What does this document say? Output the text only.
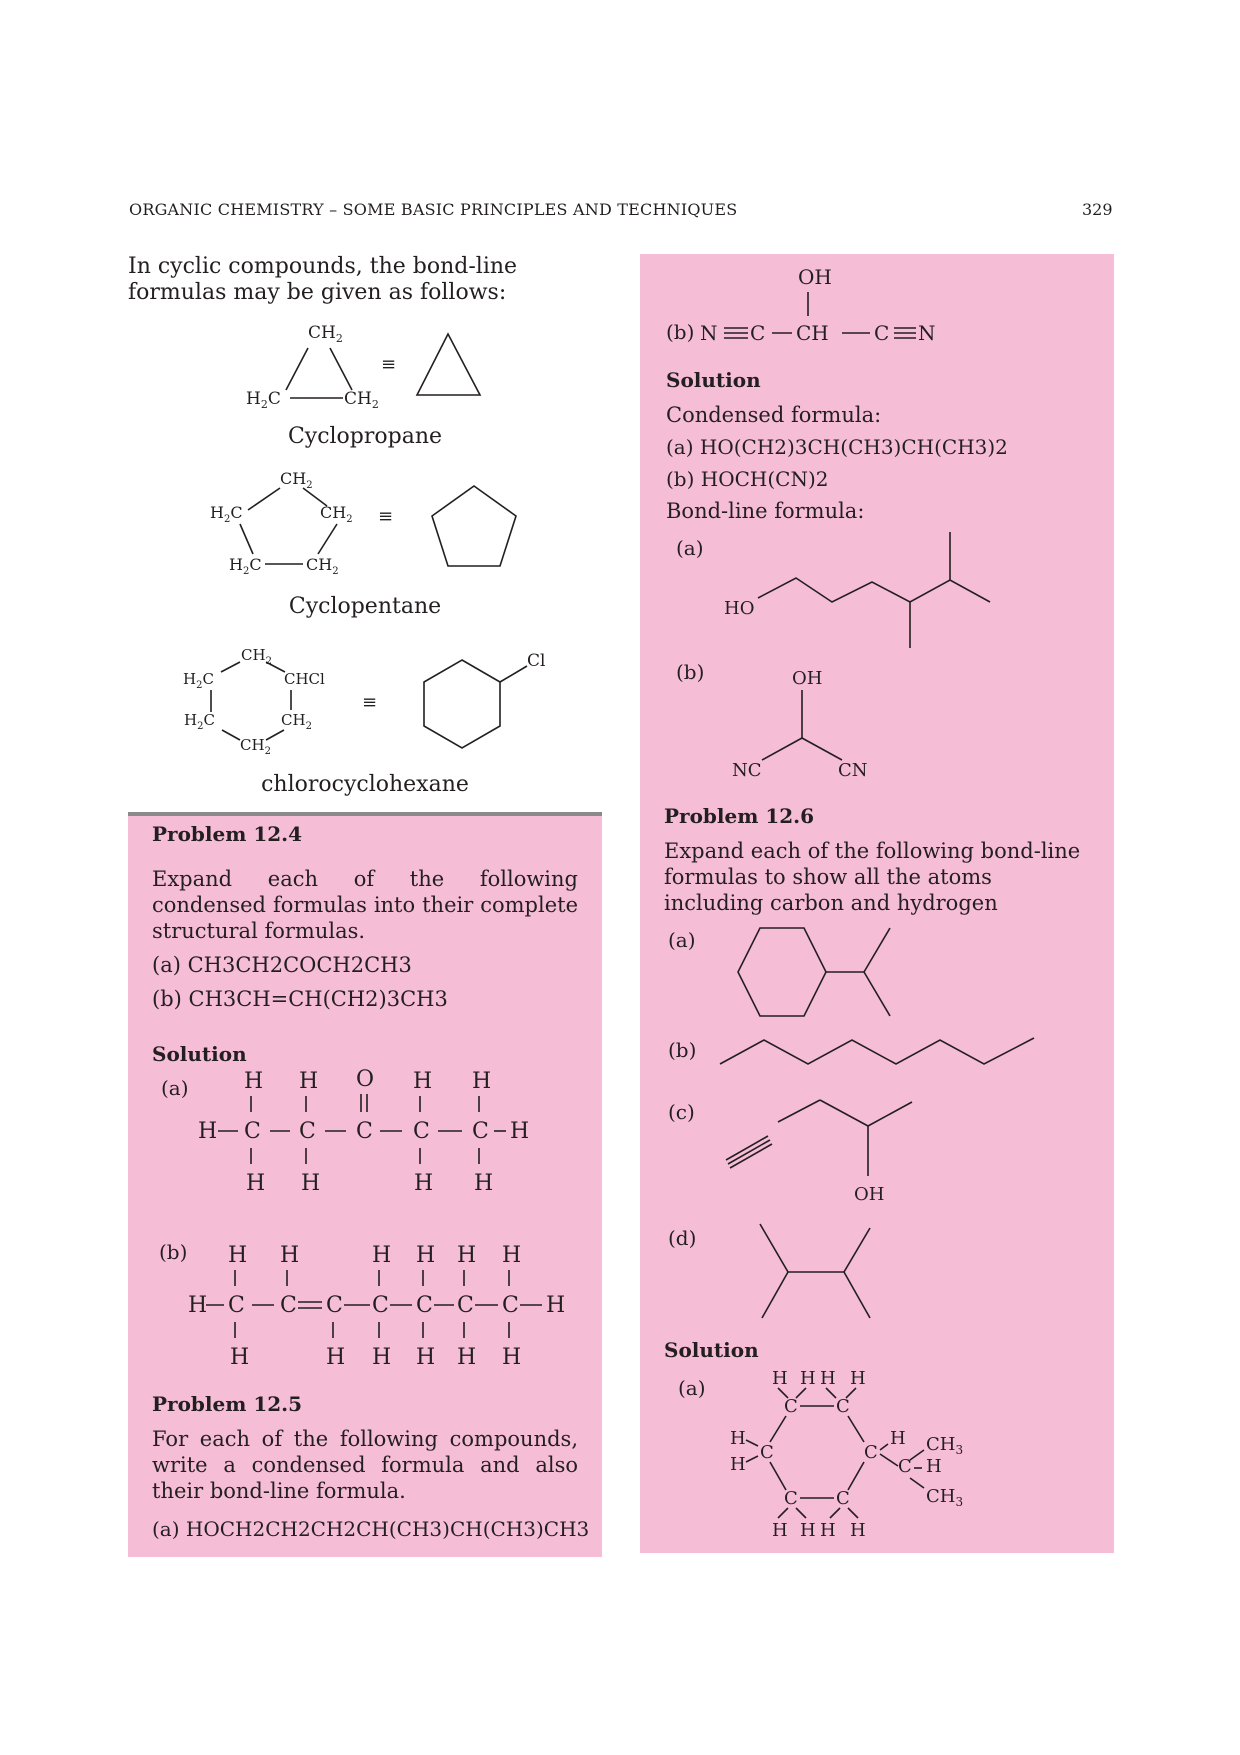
ORGANIC CHEMISTRY – SOME BASIC PRINCIPLES AND TECHNIQUES	329
In cyclic compounds, the bond-line formulas may be given as follows:
$CH_2$
$H_2C$	$CH_2$
≡
Cyclopropane
$CH_2$
$H_2C$	$CH_2$
$H_2C$	$CH_2$
≡
Cyclopentane
$CH_2$
$H_2C$	CHCl
$H_2C$	$CH_2$
$CH_2$
≡
Cl
chlorocyclohexane
Problem 12.4
Expand each of the following condensed formulas into their complete structural formulas.
(a) CH3CH2COCH2CH3
(b) CH3CH=CH(CH2)3CH3
Solution
(a)	H H O H H
H C C C C C H
H H	H H
(b) H H	H H H H
H C C C C C C C H
H	H H H H H
Problem 12.5
For each of the following compounds, write a condensed formula and also their bond-line formula.
(a) HOCH2CH2CH2CH(CH3)CH(CH3)CH3
(b)
OH
N C CH C N
Solution
Condensed formula:
(a) HO(CH2)3CH(CH3)CH(CH3)2
(b) HOCH(CN)2
Bond-line formula:
(a)
HO
(b)	OH
NC	CN
Problem 12.6
Expand each of the following bond-line formulas to show all the atoms including carbon and hydrogen
(a)
(b)
(c)
OH
(d)
Solution
(a)	H H H H
C C
H
H
C	C
H
C H
$CH_3$
$CH_3$
C C
H H H H
